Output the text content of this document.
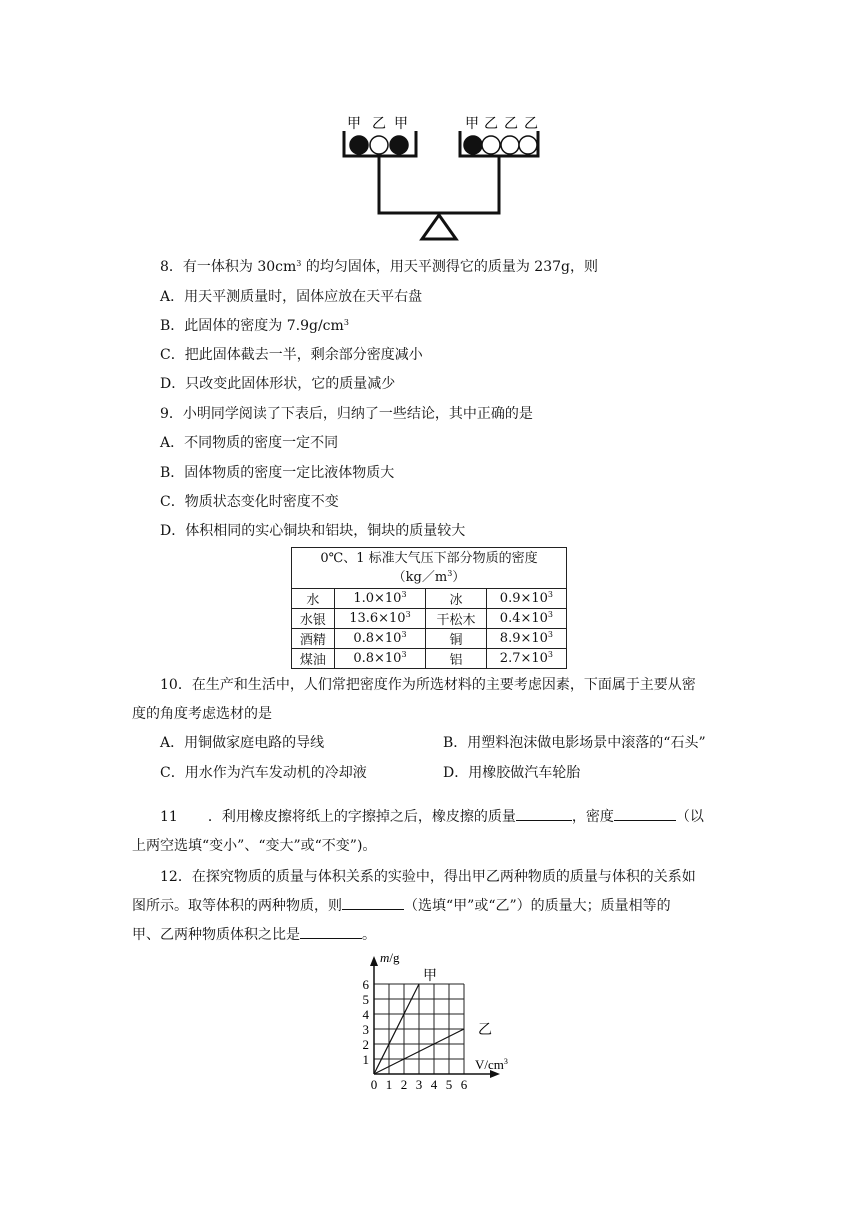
甲 乙 甲	甲 乙 乙 乙
8．有一体积为 $30cm^3$ 的均匀固体，用天平测得它的质量为 237g，则
A．用天平测质量时，固体应放在天平右盘
B．此固体的密度为 $7.9g/cm^3$
C．把此固体截去一半，剩余部分密度减小
D．只改变此固体形状，它的质量减少
9．小明同学阅读了下表后，归纳了一些结论，其中正确的是
A．不同物质的密度一定不同
B．固体物质的密度一定比液体物质大
C．物质状态变化时密度不变
D．体积相同的实心铜块和铝块，铜块的质量较大
0℃、1 标准大气压下部分物质的密度
$(kg/m^3)$			
水	$1.0\times 10^3$	冰	$0.9\times 10^3$
水银	$13.6\times 10^3$	干松木	$0.4\times 10^3$
酒精	$0.8\times 10^3$	铜	$8.9\times 10^3$
煤油	$0.8\times 10^3$	铝	$2.7\times 10^3$
10．在生产和生活中，人们常把密度作为所选材料的主要考虑因素，下面属于主要从密
度的角度考虑选材的是
A．用铜做家庭电路的导线	B．用塑料泡沫做电影场景中滚落的“石头”
C．用水作为汽车发动机的冷却液	D．用橡胶做汽车轮胎
11 ．利用橡皮擦将纸上的字擦掉之后，橡皮擦的质量	，密度	（以
上两空选填“变小”、“变大”或“不变”)。
12．在探究物质的质量与体积关系的实验中，得出甲乙两种物质的质量与体积的关系如
图所示。取等体积的两种物质，则	（选填“甲”或“乙”）的质量大；质量相等的
甲、乙两种物质体积之比是	。
甲
乙
0 1 2 3 4 5 6
1
2
3
4
5
6
m/g
$V/cm^3$
